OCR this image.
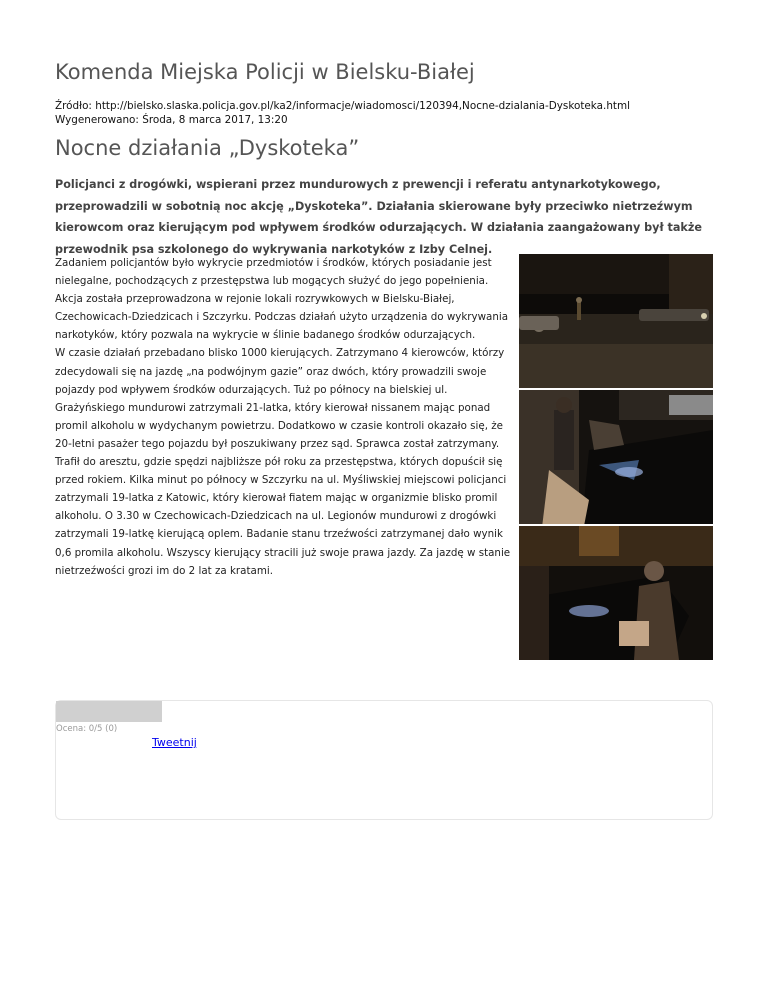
Komenda Miejska Policji w Bielsku-Białej
Źródło: http://bielsko.slaska.policja.gov.pl/ka2/informacje/wiadomosci/120394,Nocne-dzialania-Dyskoteka.html
Wygenerowano: Środa, 8 marca 2017, 13:20
Nocne działania „Dyskoteka”

Policjanci z drogówki, wspierani przez mundurowych z prewencji i referatu antynarkotykowego, przeprowadzili w sobotnią noc akcję „Dyskoteka”. Działania skierowane były przeciwko nietrzeźwym kierowcom oraz kierującym pod wpływem środków odurzających. W działania zaangażowany był także przewodnik psa szkolonego do wykrywania narkotyków z Izby Celnej.

Zadaniem policjantów było wykrycie przedmiotów i środków, których posiadanie jest nielegalne, pochodzących z przestępstwa lub mogących służyć do jego popełnienia. Akcja została przeprowadzona w rejonie lokali rozrywkowych w Bielsku-Białej, Czechowicach-Dziedzicach i Szczyrku. Podczas działań użyto urządzenia do wykrywania narkotyków, który pozwala na wykrycie w ślinie badanego środków odurzających.

W czasie działań przebadano blisko 1000 kierujących. Zatrzymano 4 kierowców, którzy zdecydowali się na jazdę „na podwójnym gazie” oraz dwóch, który prowadzili swoje pojazdy pod wpływem środków odurzających. Tuż po północy na bielskiej ul. Grażyńskiego mundurowi zatrzymali 21-latka, który kierował nissanem mając ponad promil alkoholu w wydychanym powietrzu. Dodatkowo w czasie kontroli okazało się, że 20-letni pasażer tego pojazdu był poszukiwany przez sąd. Sprawca został zatrzymany. Trafił do aresztu, gdzie spędzi najbliższe pół roku za przestępstwa, których dopuścił się przed rokiem. Kilka minut po północy w Szczyrku na ul. Myśliwskiej miejscowi policjanci zatrzymali 19-latka z Katowic, który kierował fiatem mając w organizmie blisko promil alkoholu. O 3.30 w Czechowicach-Dziedzicach na ul. Legionów mundurowi z drogówki zatrzymali 19-latkę kierującą oplem. Badanie stanu trzeźwości zatrzymanej dało wynik 0,6 promila alkoholu. Wszyscy kierujący stracili już swoje prawa jazdy. Za jazdę w stanie nietrzeźwości grozi im do 2 lat za kratami.

Ocena: 0/5 (0)
Tweetnij
